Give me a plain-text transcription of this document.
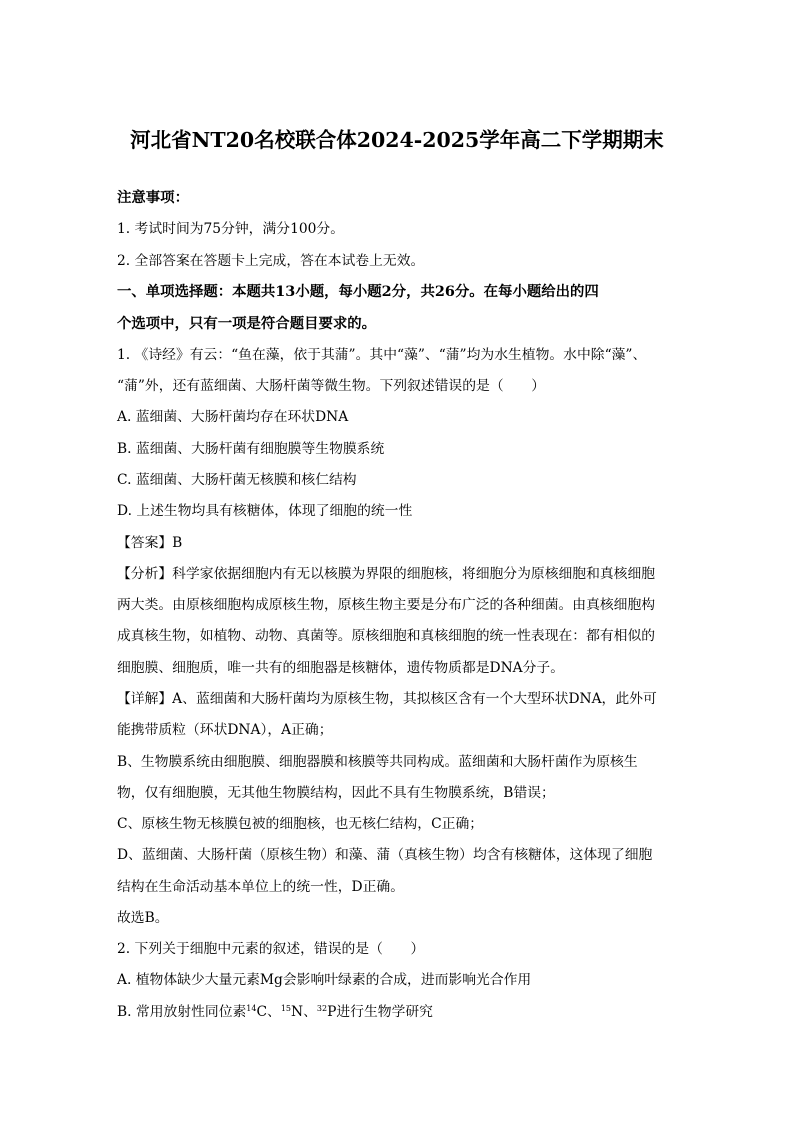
河北省NT20名校联合体2024-2025学年高二下学期期末
注意事项：
1. 考试时间为75分钟，满分100分。
2. 全部答案在答题卡上完成，答在本试卷上无效。
一、单项选择题：本题共13小题，每小题2分，共26分。在每小题给出的四
个选项中，只有一项是符合题目要求的。
1. 《诗经》有云：“鱼在藻，依于其蒲”。其中“藻”、“蒲”均为水生植物。水中除“藻”、
“蒲”外，还有蓝细菌、大肠杆菌等微生物。下列叙述错误的是（　　）
A. 蓝细菌、大肠杆菌均存在环状DNA
B. 蓝细菌、大肠杆菌有细胞膜等生物膜系统
C. 蓝细菌、大肠杆菌无核膜和核仁结构
D. 上述生物均具有核糖体，体现了细胞的统一性
【答案】B
【分析】科学家依据细胞内有无以核膜为界限的细胞核，将细胞分为原核细胞和真核细胞
两大类。由原核细胞构成原核生物，原核生物主要是分布广泛的各种细菌。由真核细胞构
成真核生物，如植物、动物、真菌等。原核细胞和真核细胞的统一性表现在：都有相似的
细胞膜、细胞质，唯一共有的细胞器是核糖体，遗传物质都是DNA分子。
【详解】A、蓝细菌和大肠杆菌均为原核生物，其拟核区含有一个大型环状DNA，此外可
能携带质粒（环状DNA），A正确；
B、生物膜系统由细胞膜、细胞器膜和核膜等共同构成。蓝细菌和大肠杆菌作为原核生
物，仅有细胞膜，无其他生物膜结构，因此不具有生物膜系统，B错误；
C、原核生物无核膜包被的细胞核，也无核仁结构，C正确；
D、蓝细菌、大肠杆菌（原核生物）和藻、蒲（真核生物）均含有核糖体，这体现了细胞
结构在生命活动基本单位上的统一性，D正确。
故选B。
2. 下列关于细胞中元素的叙述，错误的是（　　）
A. 植物体缺少大量元素Mg会影响叶绿素的合成，进而影响光合作用
B. 常用放射性同位素$^{14}$C、$^{15}$N、$^{32}$P进行生物学研究
